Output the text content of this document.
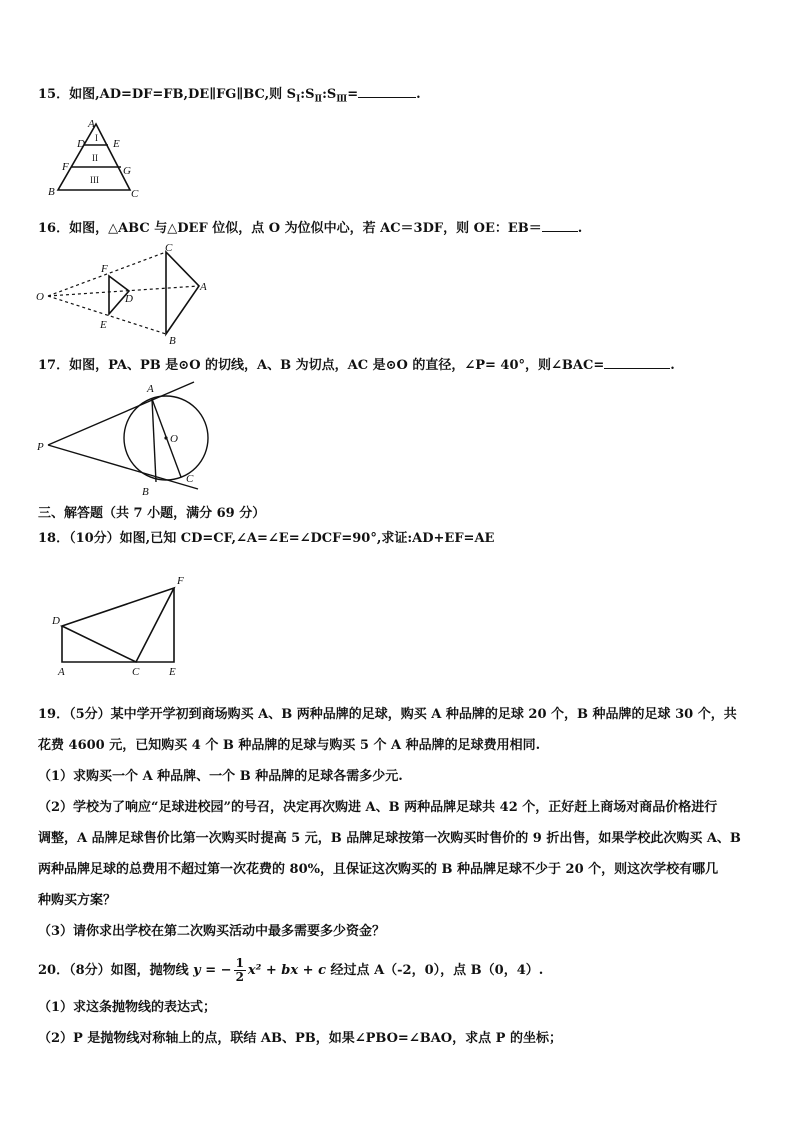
15．如图,AD=DF=FB,DE∥FG∥BC,则 $S_Ⅰ:S_Ⅱ:S_Ⅲ=$	.
A
D	E
F	G
B	C
I
II
III
16．如图，△ABC 与△DEF 位似，点 O 为位似中心，若 AC＝3DF，则 OE：EB＝	.
O
F
D
E
C
A
B
17．如图，PA、PB 是⊙O 的切线，A、B 为切点，AC 是⊙O 的直径，∠P= 40°，则∠BAC=	.
A
O
P
C
B
三、解答题（共 7 小题，满分 69 分）
18．（10分）如图,已知 CD=CF,∠A=∠E=∠DCF=90°,求证:AD+EF=AE
D
F
A	C	E
19．（5分）某中学开学初到商场购买 A、B 两种品牌的足球，购买 A 种品牌的足球 20 个，B 种品牌的足球 30 个，共
花费 4600 元，已知购买 4 个 B 种品牌的足球与购买 5 个 A 种品牌的足球费用相同.
（1）求购买一个 A 种品牌、一个 B 种品牌的足球各需多少元.
（2）学校为了响应“足球进校园”的号召，决定再次购进 A、B 两种品牌足球共 42 个，正好赶上商场对商品价格进行
调整，A 品牌足球售价比第一次购买时提高 5 元，B 品牌足球按第一次购买时售价的 9 折出售，如果学校此次购买 A、B
两种品牌足球的总费用不超过第一次花费的 80%，且保证这次购买的 B 种品牌足球不少于 20 个，则这次学校有哪几
种购买方案？
（3）请你求出学校在第二次购买活动中最多需要多少资金？
20．（8分）如图，抛物线 y = − $\frac{1}{2} x^2$ + bx + c 经过点 A（-2，0），点 B（0，4）.
（1）求这条抛物线的表达式；
（2）P 是抛物线对称轴上的点，联结 AB、PB，如果∠PBO=∠BAO，求点 P 的坐标；
